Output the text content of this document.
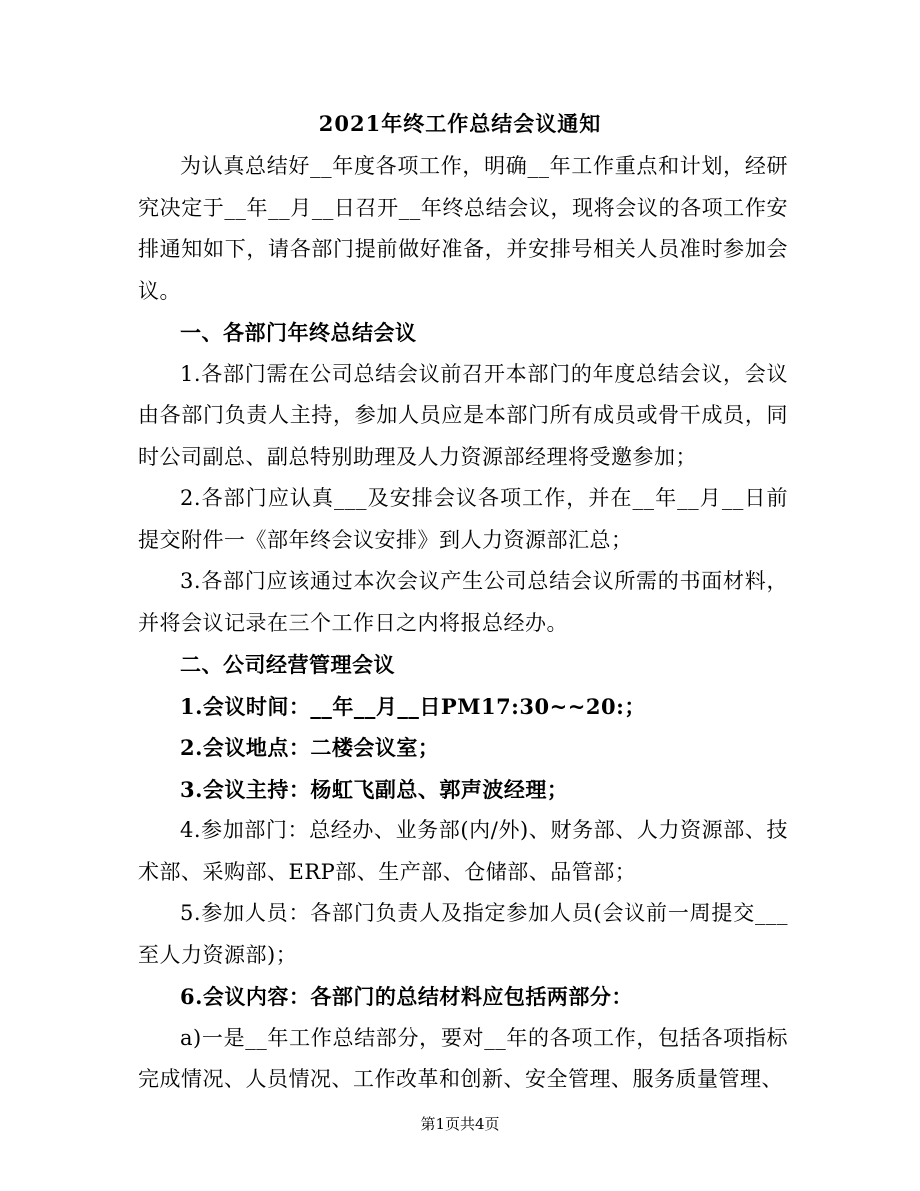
2021年终工作总结会议通知

为认真总结好__年度各项工作，明确__年工作重点和计划，经研究决定于__年__月__日召开__年终总结会议，现将会议的各项工作安排通知如下，请各部门提前做好准备，并安排号相关人员准时参加会议。

一、各部门年终总结会议

1.各部门需在公司总结会议前召开本部门的年度总结会议，会议由各部门负责人主持，参加人员应是本部门所有成员或骨干成员，同时公司副总、副总特别助理及人力资源部经理将受邀参加；

2.各部门应认真___及安排会议各项工作，并在__年__月__日前提交附件一《部年终会议安排》到人力资源部汇总；

3.各部门应该通过本次会议产生公司总结会议所需的书面材料，并将会议记录在三个工作日之内将报总经办。

二、公司经营管理会议

1.会议时间：__年__月__日PM17:30~~20:；

2.会议地点：二楼会议室；

3.会议主持：杨虹飞副总、郭声波经理；

4.参加部门：总经办、业务部(内/外)、财务部、人力资源部、技术部、采购部、ERP部、生产部、仓储部、品管部；

5.参加人员：各部门负责人及指定参加人员(会议前一周提交___至人力资源部)；

6.会议内容：各部门的总结材料应包括两部分：

a)一是__年工作总结部分，要对__年的各项工作，包括各项指标完成情况、人员情况、工作改革和创新、安全管理、服务质量管理、

第1页共4页
